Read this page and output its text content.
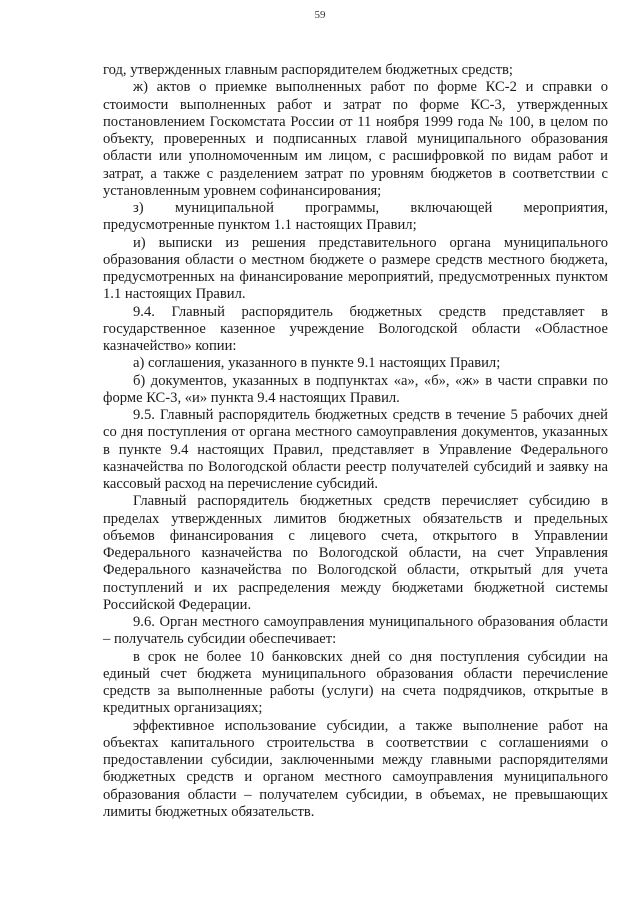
59

год, утвержденных главным распорядителем бюджетных средств;

ж) актов о приемке выполненных работ по форме КС-2 и справки о стоимости выполненных работ и затрат по форме КС-3, утвержденных постановлением Госкомстата России от 11 ноября 1999 года № 100, в целом по объекту, проверенных и подписанных главой муниципального образования области или уполномоченным им лицом, с расшифровкой по видам работ и затрат, а также с разделением затрат по уровням бюджетов в соответствии с установленным уровнем софинансирования;

з) муниципальной программы, включающей мероприятия, предусмотренные пунктом 1.1 настоящих Правил;

и) выписки из решения представительного органа муниципального образования области о местном бюджете о размере средств местного бюджета, предусмотренных на финансирование мероприятий, предусмотренных пунктом 1.1 настоящих Правил.

9.4. Главный распорядитель бюджетных средств представляет в государственное казенное учреждение Вологодской области «Областное казначейство» копии:

а) соглашения, указанного в пункте 9.1 настоящих Правил;

б) документов, указанных в подпунктах «а», «б», «ж» в части справки по форме КС-3, «и» пункта 9.4 настоящих Правил.

9.5. Главный распорядитель бюджетных средств в течение 5 рабочих дней со дня поступления от органа местного самоуправления документов, указанных в пункте 9.4 настоящих Правил, представляет в Управление Федерального казначейства по Вологодской области реестр получателей субсидий и заявку на кассовый расход на перечисление субсидий.

Главный распорядитель бюджетных средств перечисляет субсидию в пределах утвержденных лимитов бюджетных обязательств и предельных объемов финансирования с лицевого счета, открытого в Управлении Федерального казначейства по Вологодской области, на счет Управления Федерального казначейства по Вологодской области, открытый для учета поступлений и их распределения между бюджетами бюджетной системы Российской Федерации.

9.6. Орган местного самоуправления муниципального образования области – получатель субсидии обеспечивает:

в срок не более 10 банковских дней со дня поступления субсидии на единый счет бюджета муниципального образования области перечисление средств за выполненные работы (услуги) на счета подрядчиков, открытые в кредитных организациях;

эффективное использование субсидии, а также выполнение работ на объектах капитального строительства в соответствии с соглашениями о предоставлении субсидии, заключенными между главными распорядителями бюджетных средств и органом местного самоуправления муниципального образования области – получателем субсидии, в объемах, не превышающих лимиты бюджетных обязательств.
